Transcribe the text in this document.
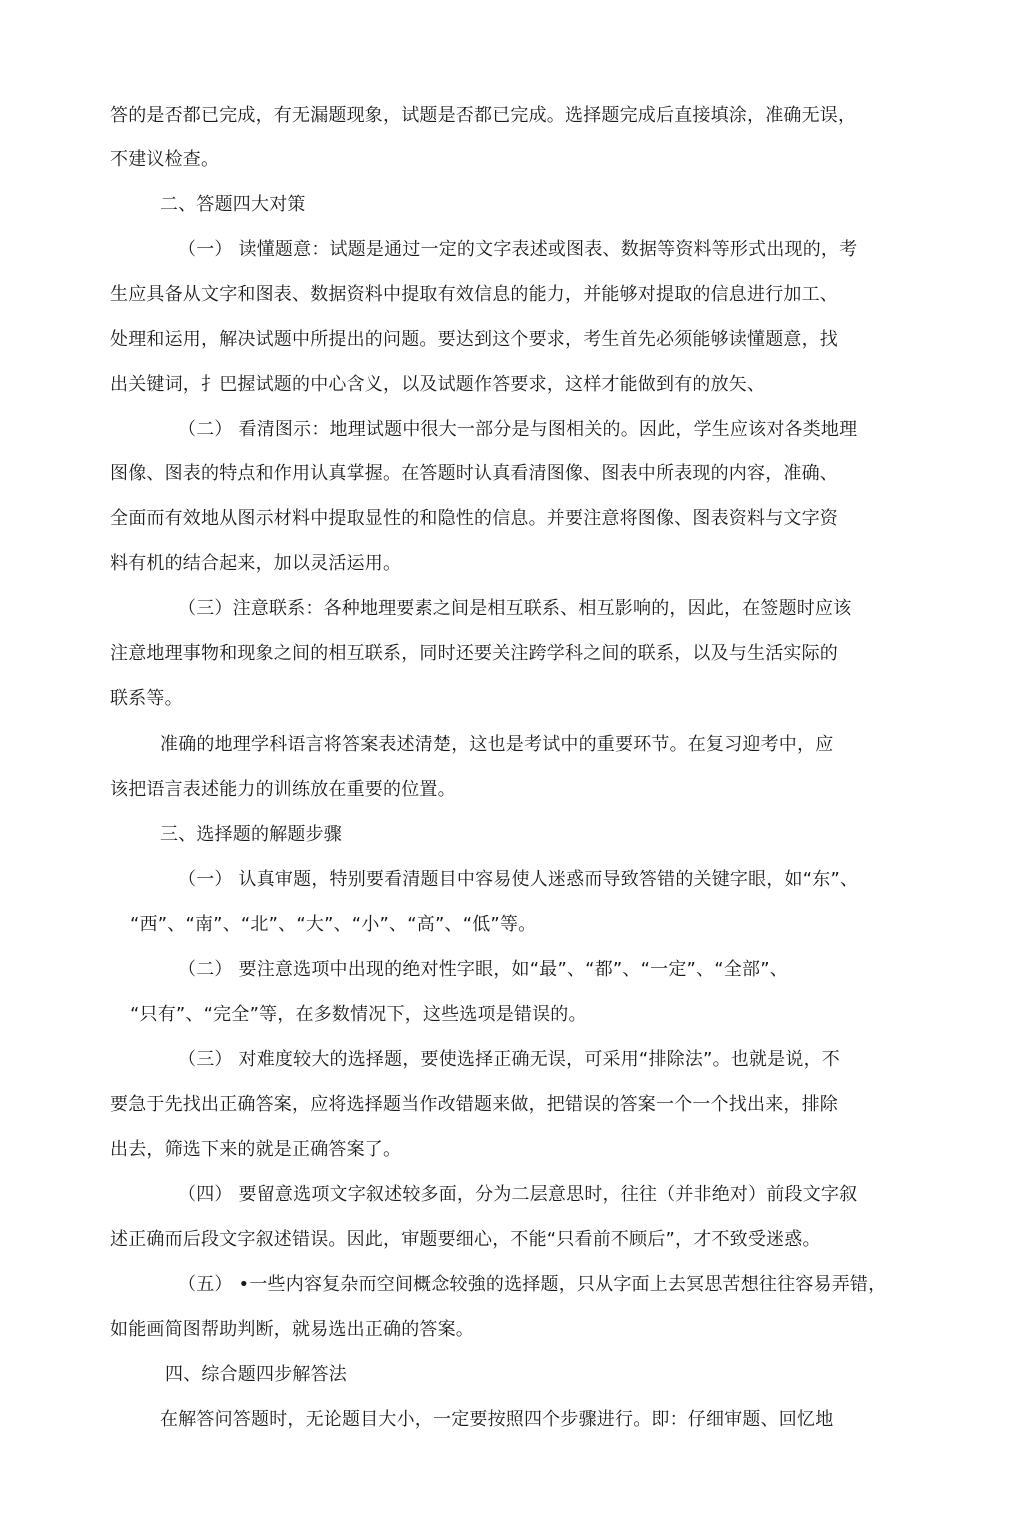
答的是否都已完成，有无漏题现象，试题是否都已完成。选择题完成后直接填涂，准确无误，
不建议检查。
二、答题四大对策
（一） 读懂题意：试题是通过一定的文字表述或图表、数据等资料等形式出现的，考
生应具备从文字和图表、数据资料中提取有效信息的能力，并能够对提取的信息进行加工、
处理和运用，解决试题中所提出的问题。要达到这个要求，考生首先必须能够读懂题意，找
出关键词，扌巴握试题的中心含义，以及试题作答要求，这样才能做到有的放矢、
（二） 看清图示：地理试题中很大一部分是与图相关的。因此，学生应该对各类地理
图像、图表的特点和作用认真掌握。在答题时认真看清图像、图表中所表现的内容，准确、
全面而有效地从图示材料中提取显性的和隐性的信息。并要注意将图像、图表资料与文字资
料有机的结合起来，加以灵活运用。
（三）注意联系：各种地理要素之间是相互联系、相互影响的，因此，在签题时应该
注意地理事物和现象之间的相互联系，同时还要关注跨学科之间的联系，以及与生活实际的
联系等。
准确的地理学科语言将答案表述清楚，这也是考试中的重要环节。在复习迎考中，应
该把语言表述能力的训练放在重要的位置。
三、选择题的解题步骤
（一） 认真审题，特别要看清题目中容易使人迷惑而导致答错的关键字眼，如“东”、
“西”、“南”、“北”、“大”、“小”、“高”、“低”等。
（二） 要注意选项中出现的绝对性字眼，如“最”、“都”、“一定”、“全部”、
“只有”、“完全”等，在多数情况下，这些选项是错误的。
（三） 对难度较大的选择题，要使选择正确无误，可采用“排除法”。也就是说，不
要急于先找出正确答案，应将选择题当作改错题来做，把错误的答案一个一个找出来，排除
出去，筛选下来的就是正确答案了。
（四） 要留意选项文字叙述较多面，分为二层意思时，往往（并非绝对）前段文字叙
述正确而后段文字叙述错误。因此，审题要细心，不能“只看前不顾后”，才不致受迷惑。
（五） •一些内容复杂而空间概念较強的选择题，只从字面上去冥思苦想往往容易弄错，
如能画简图帮助判断，就易选出正确的答案。
四、综合题四步解答法
在解答问答题时，无论题目大小，一定要按照四个步骤进行。即：仔细审题、回忆地
